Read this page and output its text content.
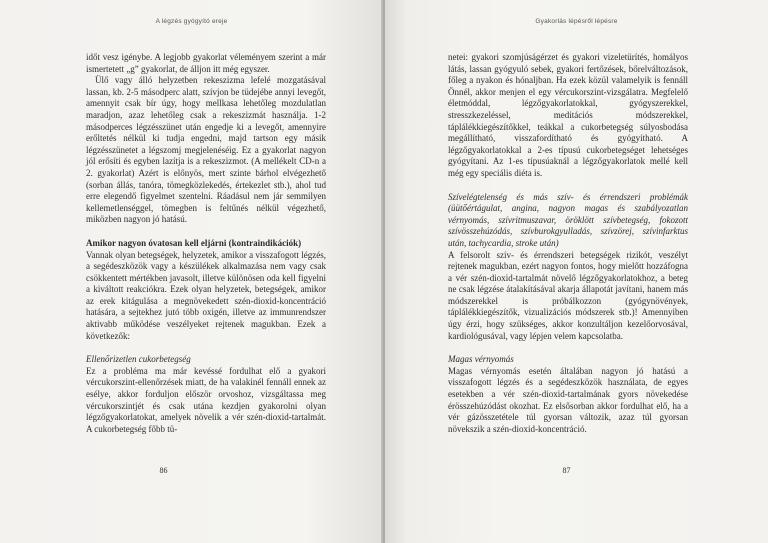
A légzés gyógyító ereje

időt vesz igénybe. A legjobb gyakorlat véleményem szerint a már ismertetett „g” gyakorlat, de álljon itt még egyszer.

Ülő vagy álló helyzetben rekeszizma lefelé mozgatásával lassan, kb. 2-5 másodperc alatt, szívjon be tüdejébe annyi levegőt, amennyit csak bír úgy, hogy mellkasa lehetőleg mozdulatlan maradjon, azaz lehetőleg csak a rekeszizmát használja. 1-2 másodperces légzésszünet után engedje ki a levegőt, amennyire erőltetés nélkül ki tudja engedni, majd tartson egy másik légzésszünetet a légszomj megjelenéséig. Ez a gyakorlat nagyon jól erősíti és egyben lazítja is a rekeszizmot. (A mellékelt CD-n a 2. gyakorlat) Azért is előnyös, mert szinte bárhol elvégezhető (sorban állás, tanóra, tömegközlekedés, értekezlet stb.), ahol tud erre elegendő figyelmet szentelni. Ráadásul nem jár semmilyen kellemetlenséggel, tömegben is feltűnés nélkül végezhető, miközben nagyon jó hatású.

Amikor nagyon óvatosan kell eljárni (kontraindikációk)

Vannak olyan betegségek, helyzetek, amikor a visszafogott légzés, a segédeszközök vagy a készülékek alkalmazása nem vagy csak csökkentett mértékben javasolt, illetve különösen oda kell figyelni a kiváltott reakciókra. Ezek olyan helyzetek, betegségek, amikor az erek kitágulása a megnövekedett szén-dioxid-koncentráció hatására, a sejtekhez jutó több oxigén, illetve az immunrendszer aktivabb működése veszélyeket rejtenek magukban. Ezek a következők:

Ellenőrizetlen cukorbetegség

Ez a probléma ma már kevéssé fordulhat elő a gyakori vércukorszint-ellenőrzések miatt, de ha valakinél fennáll ennek az esélye, akkor forduljon először orvoshoz, vizsgáltassa meg vércukorszintjét és csak utána kezdjen gyakorolni olyan légzőgyakorlatokat, amelyek növelik a vér szén-dioxid-tartalmát. A cukorbetegség főbb tü-

86
Gyakorlás lépésről lépésre

netei: gyakori szomjúságérzet és gyakori vizeletürítés, homályos látás, lassan gyógyuló sebek, gyakori fertőzések, bőrelváltozások, főleg a nyakon és hónaljban. Ha ezek közül valamelyik is fennáll Önnél, akkor menjen el egy vércukorszint-vizsgálatra. Megfelelő életmóddal, légzőgyakorlatokkal, gyógyszerekkel, stresszkezeléssel, meditációs módszerekkel, táplálékkiegészítőkkel, teákkal a cukorbetegség súlyosbodása megállítható, visszafordítható és gyógyítható. A légzőgyakorlatokkal a 2-es típusú cukorbetegséget lehetséges gyógyítani. Az 1-es típusúaknál a légzőgyakorlatok mellé kell még egy speciális diéta is.

Szívelégtelenség és más szív- és érrendszeri problémák (üütőértágulat, angina, nagyon magas és szabályozatlan vérnyomás, szívritmuszavar, öröklött szívbetegség, fokozott szívösszehúzódás, szívburokgyulladás, szívzörej, szívinfarktus után, tachycardia, stroke után)

A felsorolt szív- és érrendszeri betegségek rizikót, veszélyt rejtenek magukban, ezért nagyon fontos, hogy mielőtt hozzáfogna a vér szén-dioxid-tartalmát növelő légzőgyakorlatokhoz, a beteg ne csak légzése átalakításával akarja állapotát javítani, hanem más módszerekkel is próbálkozzon (gyógynövények, táplálékkiegészítők, vizualizációs módszerek stb.)! Amennyiben úgy érzi, hogy szükséges, akkor konzultáljon kezelőorvosával, kardiológusával, vagy lépjen velem kapcsolatba.

Magas vérnyomás

Magas vérnyomás esetén általában nagyon jó hatású a visszafogott légzés és a segédeszközök használata, de egyes esetekben a vér szén-dioxid-tartalmának gyors növekedése érösszehúzódást okozhat. Ez elsősorban akkor fordulhat elő, ha a vér gázösszetétele túl gyorsan változik, azaz túl gyorsan növekszik a szén-dioxid-koncentráció.

87
